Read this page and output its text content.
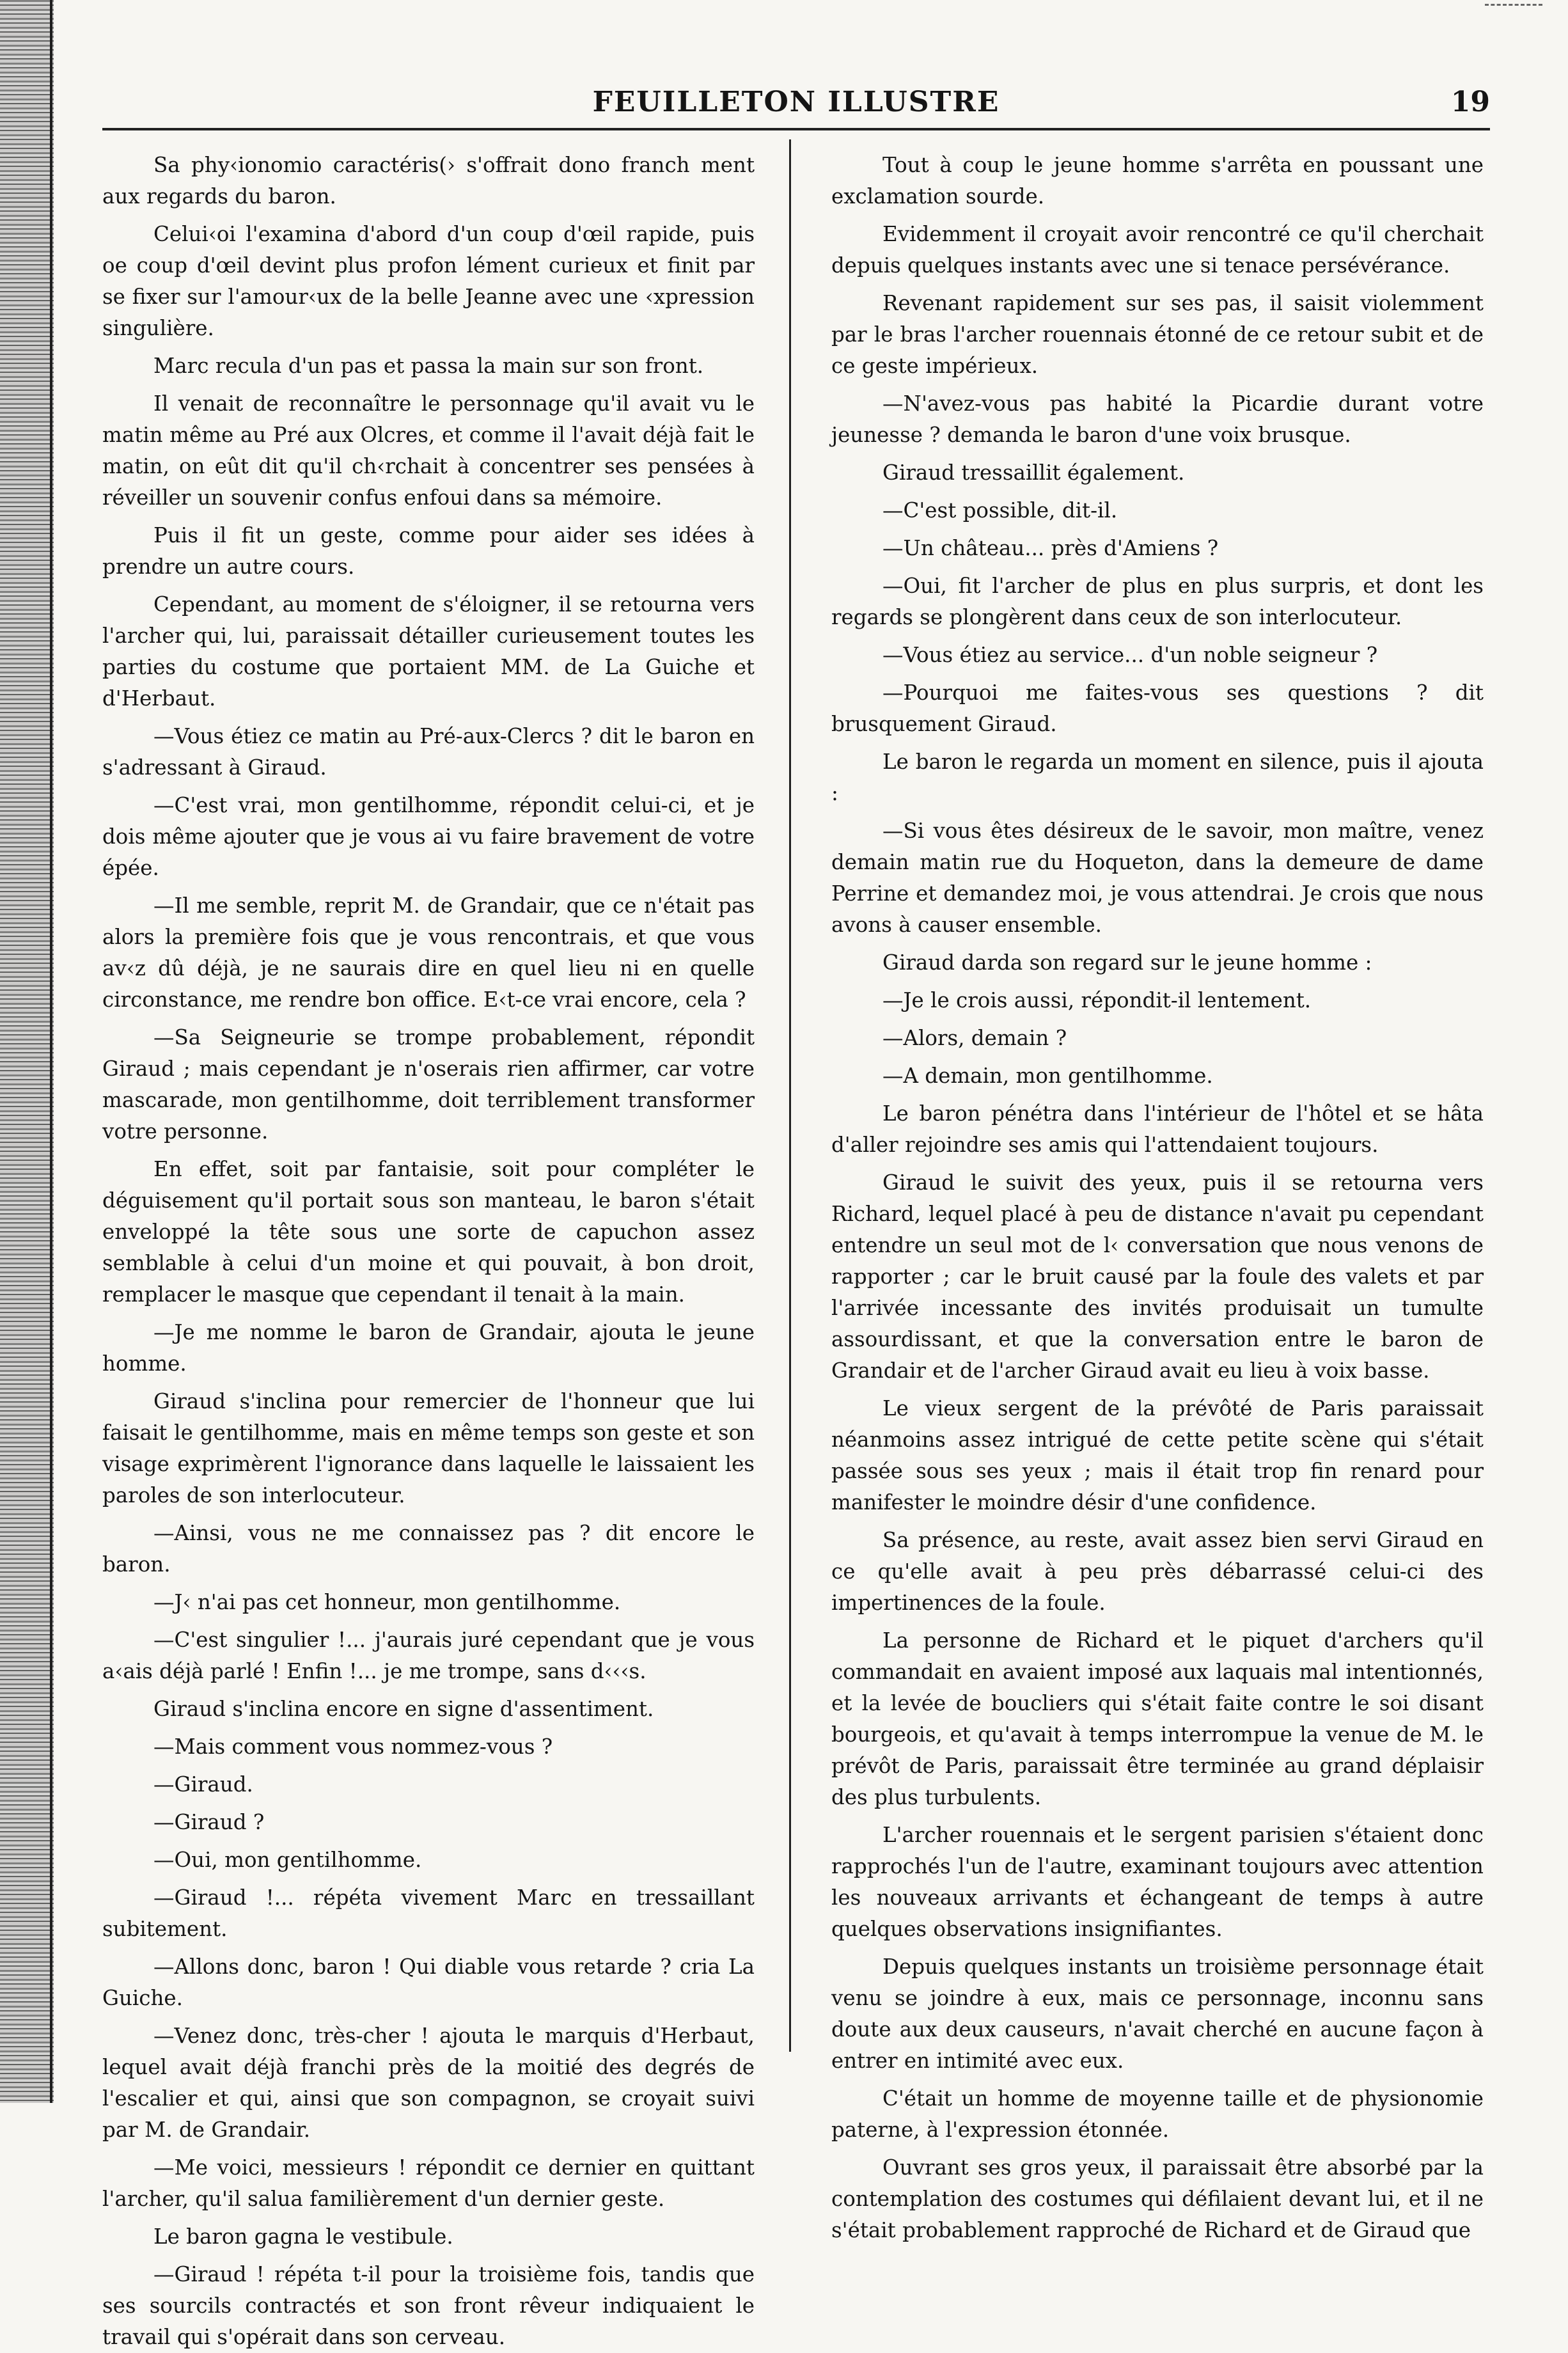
FEUILLETON ILLUSTRE	19

Sa phy‹ionomio caractéris(› s'offrait dono franch ment aux regards du baron.

Celui‹oi l'examina d'abord d'un coup d'œil rapide, puis oe coup d'œil devint plus profon lément curieux et finit par se fixer sur l'amour‹ux de la belle Jeanne avec une ‹xpression singulière.

Marc recula d'un pas et passa la main sur son front.

Il venait de reconnaître le personnage qu'il avait vu le matin même au Pré aux Olcres, et comme il l'avait déjà fait le matin, on eût dit qu'il ch‹rchait à concentrer ses pensées à réveiller un souvenir confus enfoui dans sa mémoire.

Puis il fit un geste, comme pour aider ses idées à prendre un autre cours.

Cependant, au moment de s'éloigner, il se retourna vers l'archer qui, lui, paraissait détailler curieusement toutes les parties du costume que portaient MM. de La Guiche et d'Herbaut.

—Vous étiez ce matin au Pré-aux-Clercs ? dit le baron en s'adressant à Giraud.

—C'est vrai, mon gentilhomme, répondit celui-ci, et je dois même ajouter que je vous ai vu faire bravement de votre épée.

—Il me semble, reprit M. de Grandair, que ce n'était pas alors la première fois que je vous rencontrais, et que vous av‹z dû déjà, je ne saurais dire en quel lieu ni en quelle circonstance, me rendre bon office. E‹t-ce vrai encore, cela ?

—Sa Seigneurie se trompe probablement, répondit Giraud ; mais cependant je n'oserais rien affirmer, car votre mascarade, mon gentilhomme, doit terriblement transformer votre personne.

En effet, soit par fantaisie, soit pour compléter le déguisement qu'il portait sous son manteau, le baron s'était enveloppé la tête sous une sorte de capuchon assez semblable à celui d'un moine et qui pouvait, à bon droit, remplacer le masque que cependant il tenait à la main.

—Je me nomme le baron de Grandair, ajouta le jeune homme.

Giraud s'inclina pour remercier de l'honneur que lui faisait le gentilhomme, mais en même temps son geste et son visage exprimèrent l'ignorance dans laquelle le laissaient les paroles de son interlocuteur.

—Ainsi, vous ne me connaissez pas ? dit encore le baron.

—J‹ n'ai pas cet honneur, mon gentilhomme.

—C'est singulier !... j'aurais juré cependant que je vous a‹ais déjà parlé ! Enfin !... je me trompe, sans d‹‹‹s.

Giraud s'inclina encore en signe d'assentiment.

—Mais comment vous nommez-vous ?

—Giraud.

—Giraud ?

—Oui, mon gentilhomme.

—Giraud !... répéta vivement Marc en tressaillant subitement.

—Allons donc, baron ! Qui diable vous retarde ? cria La Guiche.

—Venez donc, très-cher ! ajouta le marquis d'Herbaut, lequel avait déjà franchi près de la moitié des degrés de l'escalier et qui, ainsi que son compagnon, se croyait suivi par M. de Grandair.

—Me voici, messieurs ! répondit ce dernier en quittant l'archer, qu'il salua familièrement d'un dernier geste.

Le baron gagna le vestibule.

—Giraud ! répéta t-il pour la troisième fois, tandis que ses sourcils contractés et son front rêveur indiquaient le travail qui s'opérait dans son cerveau.

Tout à coup le jeune homme s'arrêta en poussant une exclamation sourde.

Evidemment il croyait avoir rencontré ce qu'il cherchait depuis quelques instants avec une si tenace persévérance.

Revenant rapidement sur ses pas, il saisit violemment par le bras l'archer rouennais étonné de ce retour subit et de ce geste impérieux.

—N'avez-vous pas habité la Picardie durant votre jeunesse ? demanda le baron d'une voix brusque.

Giraud tressaillit également.

—C'est possible, dit-il.

—Un château... près d'Amiens ?

—Oui, fit l'archer de plus en plus surpris, et dont les regards se plongèrent dans ceux de son interlocuteur.

—Vous étiez au service... d'un noble seigneur ?

—Pourquoi me faites-vous ses questions ? dit brusquement Giraud.

Le baron le regarda un moment en silence, puis il ajouta :

—Si vous êtes désireux de le savoir, mon maître, venez demain matin rue du Hoqueton, dans la demeure de dame Perrine et demandez moi, je vous attendrai. Je crois que nous avons à causer ensemble.

Giraud darda son regard sur le jeune homme :

—Je le crois aussi, répondit-il lentement.

—Alors, demain ?

—A demain, mon gentilhomme.

Le baron pénétra dans l'intérieur de l'hôtel et se hâta d'aller rejoindre ses amis qui l'attendaient toujours.

Giraud le suivit des yeux, puis il se retourna vers Richard, lequel placé à peu de distance n'avait pu cependant entendre un seul mot de l‹ conversation que nous venons de rapporter ; car le bruit causé par la foule des valets et par l'arrivée incessante des invités produisait un tumulte assourdissant, et que la conversation entre le baron de Grandair et de l'archer Giraud avait eu lieu à voix basse.

Le vieux sergent de la prévôté de Paris paraissait néanmoins assez intrigué de cette petite scène qui s'était passée sous ses yeux ; mais il était trop fin renard pour manifester le moindre désir d'une confidence.

Sa présence, au reste, avait assez bien servi Giraud en ce qu'elle avait à peu près débarrassé celui-ci des impertinences de la foule.

La personne de Richard et le piquet d'archers qu'il commandait en avaient imposé aux laquais mal intentionnés, et la levée de boucliers qui s'était faite contre le soi disant bourgeois, et qu'avait à temps interrompue la venue de M. le prévôt de Paris, paraissait être terminée au grand déplaisir des plus turbulents.

L'archer rouennais et le sergent parisien s'étaient donc rapprochés l'un de l'autre, examinant toujours avec attention les nouveaux arrivants et échangeant de temps à autre quelques observations insignifiantes.

Depuis quelques instants un troisième personnage était venu se joindre à eux, mais ce personnage, inconnu sans doute aux deux causeurs, n'avait cherché en aucune façon à entrer en intimité avec eux.

C'était un homme de moyenne taille et de physionomie paterne, à l'expression étonnée.

Ouvrant ses gros yeux, il paraissait être absorbé par la contemplation des costumes qui défilaient devant lui, et il ne s'était probablement rapproché de Richard et de Giraud que
